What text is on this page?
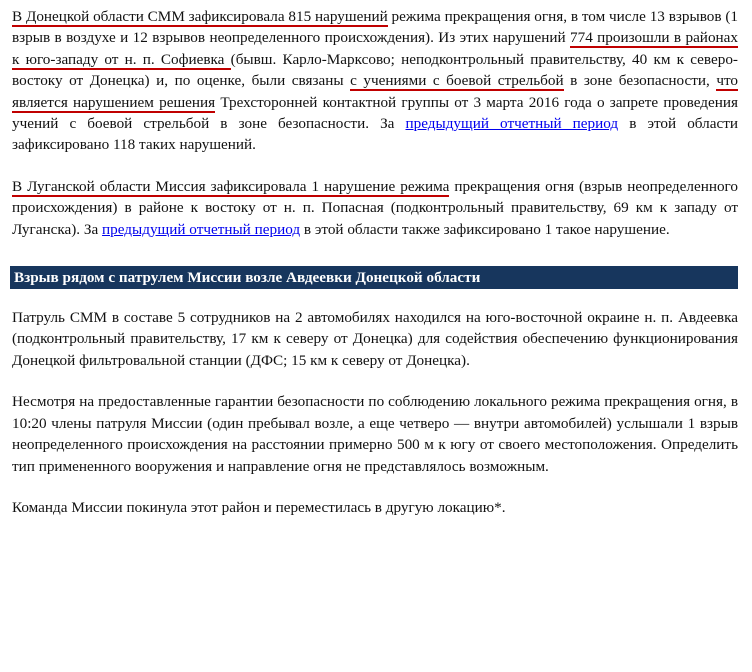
В Донецкой области СММ зафиксировала 815 нарушений режима прекращения огня, в том числе 13 взрывов (1 взрыв в воздухе и 12 взрывов неопределенного происхождения). Из этих нарушений 774 произошли в районах к юго-западу от н. п. Софиевка (бывш. Карло-Марксово; неподконтрольный правительству, 40 км к северо-востоку от Донецка) и, по оценке, были связаны с учениями с боевой стрельбой в зоне безопасности, что является нарушением решения Трехсторонней контактной группы от 3 марта 2016 года о запрете проведения учений с боевой стрельбой в зоне безопасности. За предыдущий отчетный период в этой области зафиксировано 118 таких нарушений.

В Луганской области Миссия зафиксировала 1 нарушение режима прекращения огня (взрыв неопределенного происхождения) в районе к востоку от н. п. Попасная (подконтрольный правительству, 69 км к западу от Луганска). За предыдущий отчетный период в этой области также зафиксировано 1 такое нарушение.

Взрыв рядом с патрулем Миссии возле Авдеевки Донецкой области

Патруль СММ в составе 5 сотрудников на 2 автомобилях находился на юго-восточной окраине н. п. Авдеевка (подконтрольный правительству, 17 км к северу от Донецка) для содействия обеспечению функционирования Донецкой фильтровальной станции (ДФС; 15 км к северу от Донецка).

Несмотря на предоставленные гарантии безопасности по соблюдению локального режима прекращения огня, в 10:20 члены патруля Миссии (один пребывал возле, а еще четверо — внутри автомобилей) услышали 1 взрыв неопределенного происхождения на расстоянии примерно 500 м к югу от своего местоположения. Определить тип примененного вооружения и направление огня не представлялось возможным.

Команда Миссии покинула этот район и переместилась в другую локацию*.
